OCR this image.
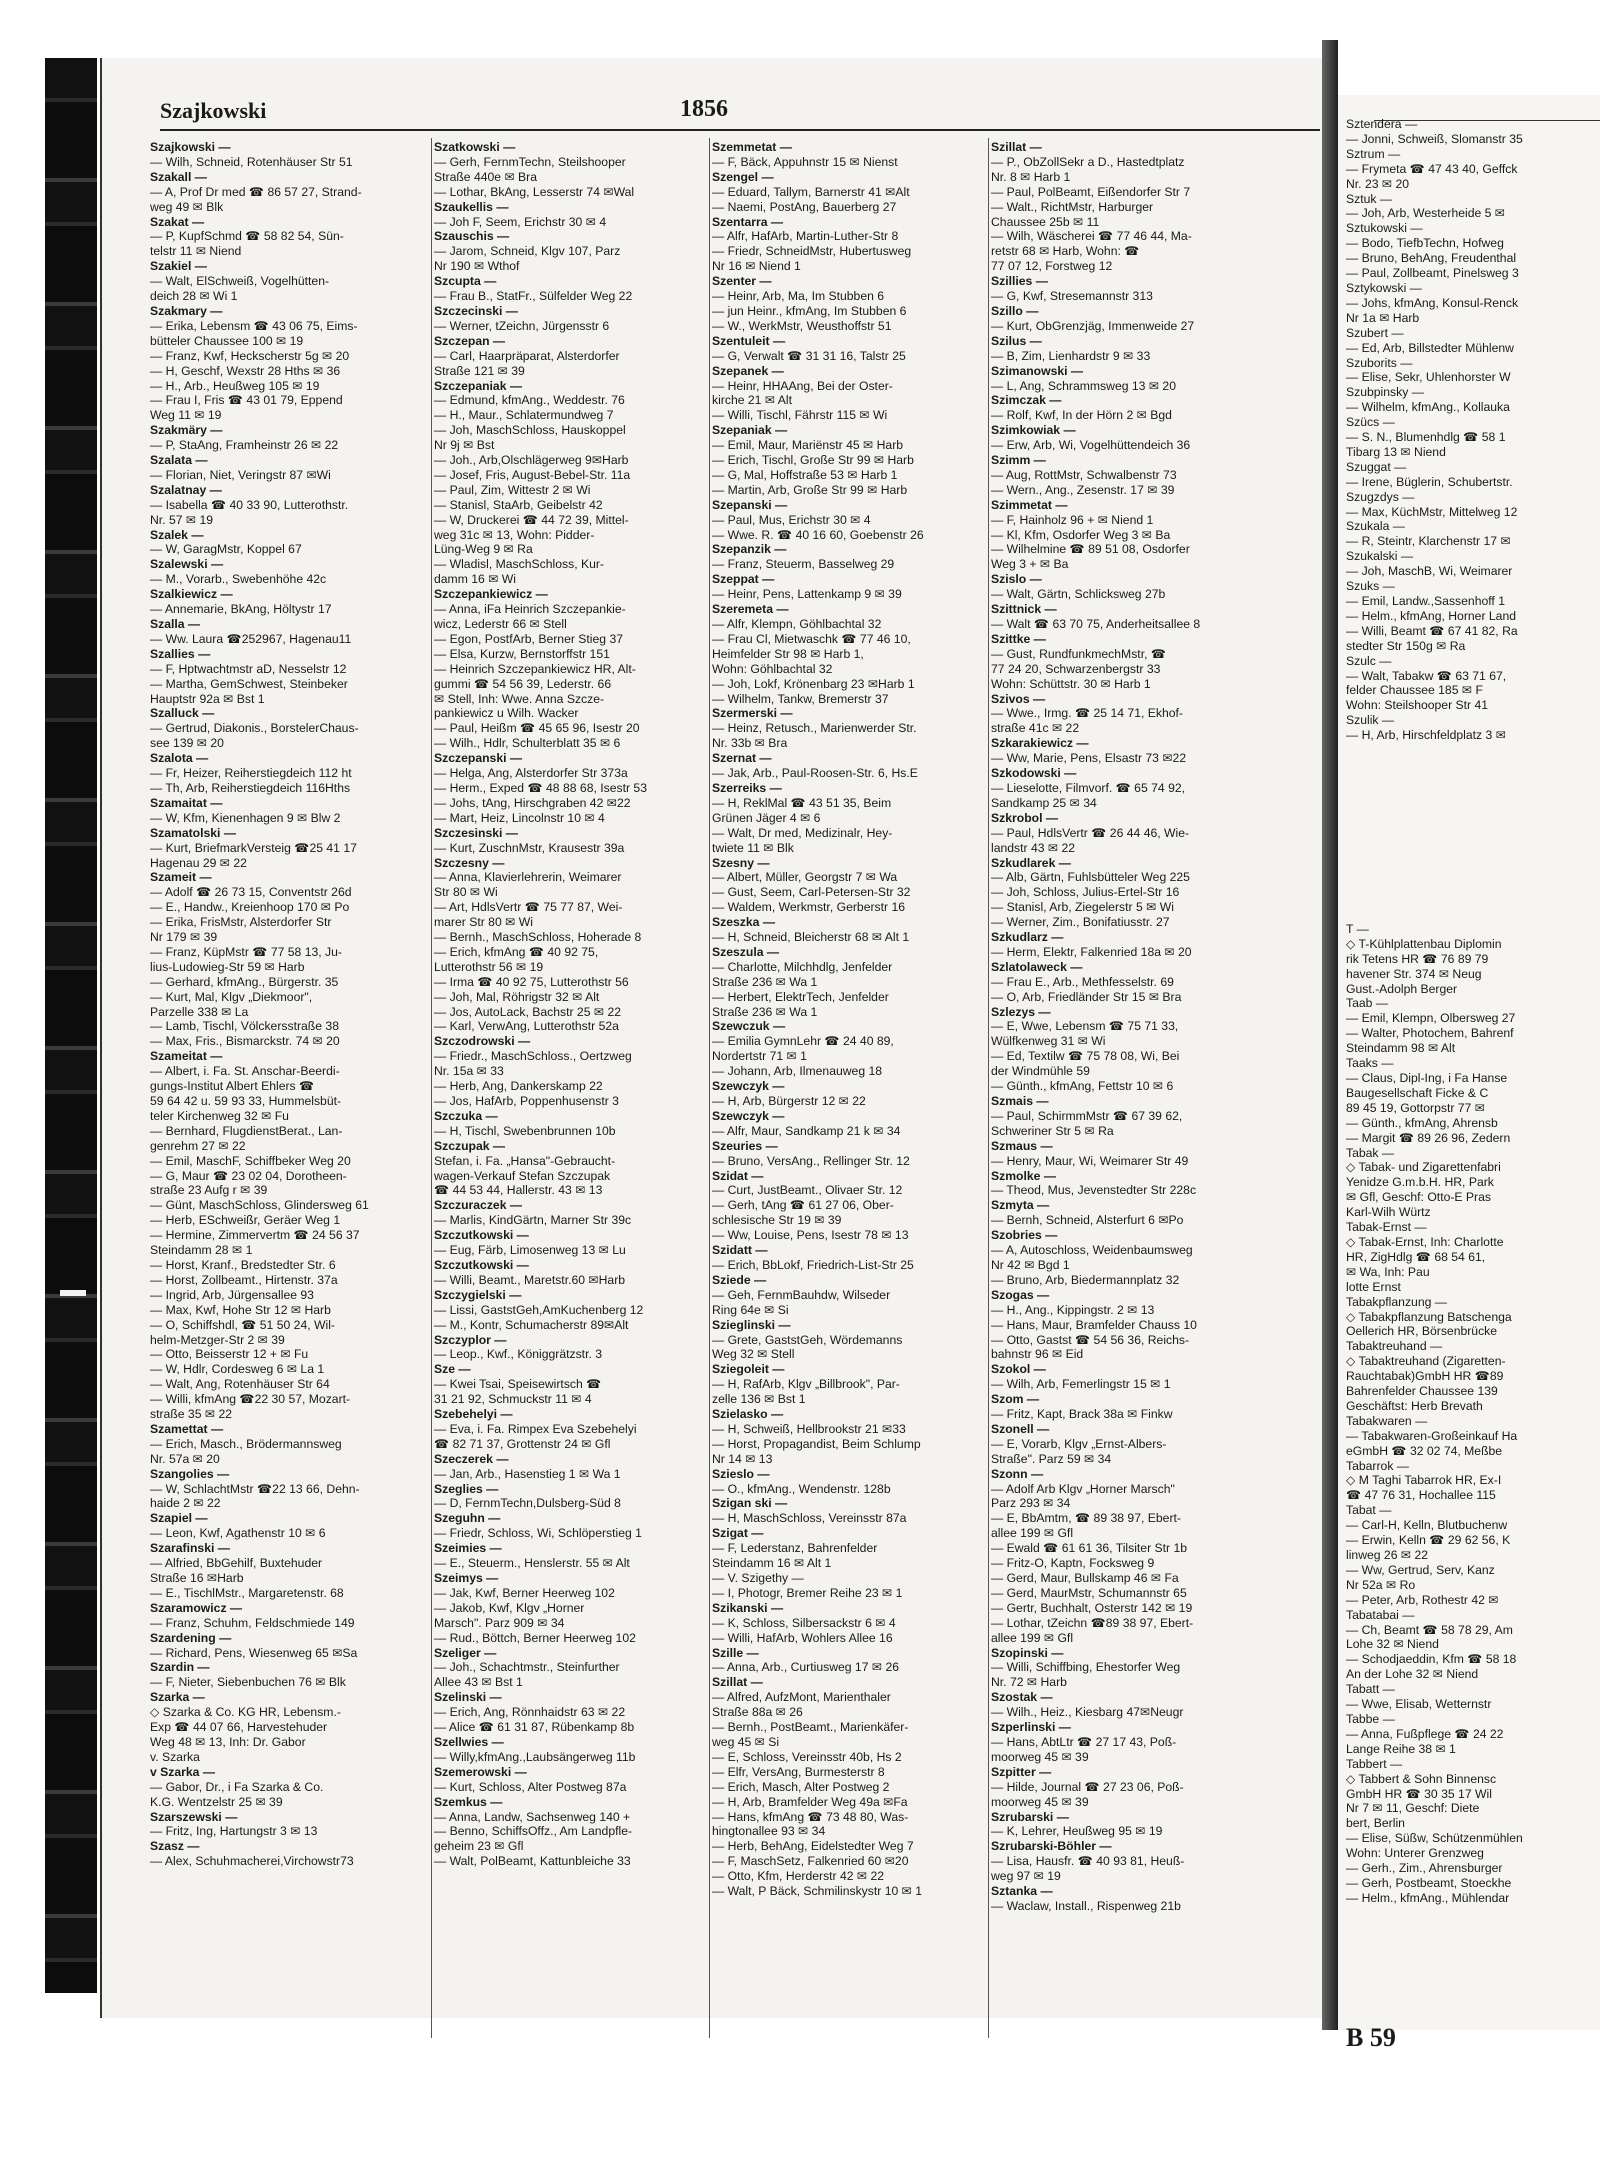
Szajkowski	1856
Szajkowski —
— Wilh, Schneid, Rotenhäuser Str 51
Szakall —
— A, Prof Dr med ☎ 86 57 27, Strand-
weg 49 ✉ Blk
Szakat —
— P, KupfSchmd ☎ 58 82 54, Sün-
telstr 11 ✉ Niend
Szakiel —
— Walt, ElSchweiß, Vogelhütten-
deich 28 ✉ Wi 1
Szakmary —
— Erika, Lebensm ☎ 43 06 75, Eims-
bütteler Chaussee 100 ✉ 19
— Franz, Kwf, Heckscherstr 5g ✉ 20
— H, Geschf, Wexstr 28 Hths ✉ 36
— H., Arb., Heußweg 105 ✉ 19
— Frau I, Fris ☎ 43 01 79, Eppend
Weg 11 ✉ 19
Szakmäry —
— P, StaAng, Framheinstr 26 ✉ 22
Szalata —
— Florian, Niet, Veringstr 87 ✉Wi
Szalatnay —
— Isabella ☎ 40 33 90, Lutterothstr.
Nr. 57 ✉ 19
Szalek —
— W, GaragMstr, Koppel 67
Szalewski —
— M., Vorarb., Swebenhöhe 42c
Szalkiewicz —
— Annemarie, BkAng, Höltystr 17
Szalla —
— Ww. Laura ☎252967, Hagenau11
Szallies —
— F, Hptwachtmstr aD, Nesselstr 12
— Martha, GemSchwest, Steinbeker
Hauptstr 92a ✉ Bst 1
Szalluck —
— Gertrud, Diakonis., BorstelerChaus-
see 139 ✉ 20
Szalota —
— Fr, Heizer, Reiherstiegdeich 112 ht
— Th, Arb, Reiherstiegdeich 116Hths
Szamaitat —
— W, Kfm, Kienenhagen 9 ✉ Blw 2
Szamatolski —
— Kurt, BriefmarkVersteig ☎25 41 17
Hagenau 29 ✉ 22
Szameit —
— Adolf ☎ 26 73 15, Conventstr 26d
— E., Handw., Kreienhoop 170 ✉ Po
— Erika, FrisMstr, Alsterdorfer Str
Nr 179 ✉ 39
— Franz, KüpMstr ☎ 77 58 13, Ju-
lius-Ludowieg-Str 59 ✉ Harb
— Gerhard, kfmAng., Bürgerstr. 35
— Kurt, Mal, Klgv „Diekmoor",
Parzelle 338 ✉ La
— Lamb, Tischl, Völckersstraße 38
— Max, Fris., Bismarckstr. 74 ✉ 20
Szameitat —
— Albert, i. Fa. St. Anschar-Beerdi-
gungs-Institut Albert Ehlers ☎
59 64 42 u. 59 93 33, Hummelsbüt-
teler Kirchenweg 32 ✉ Fu
— Bernhard, FlugdienstBerat., Lan-
genrehm 27 ✉ 22
— Emil, MaschF, Schiffbeker Weg 20
— G, Maur ☎ 23 02 04, Dorotheen-
straße 23 Aufg r ✉ 39
— Günt, MaschSchloss, Glindersweg 61
— Herb, ESchweißr, Geräer Weg 1
— Hermine, Zimmervertm ☎ 24 56 37
Steindamm 28 ✉ 1
— Horst, Kranf., Bredstedter Str. 6
— Horst, Zollbeamt., Hirtenstr. 37a
— Ingrid, Arb, Jürgensallee 93
— Max, Kwf, Hohe Str 12 ✉ Harb
— O, Schiffshdl, ☎ 51 50 24, Wil-
helm-Metzger-Str 2 ✉ 39
— Otto, Beisserstr 12 + ✉ Fu
— W, Hdlr, Cordesweg 6 ✉ La 1
— Walt, Ang, Rotenhäuser Str 64
— Willi, kfmAng ☎22 30 57, Mozart-
straße 35 ✉ 22
Szamettat —
— Erich, Masch., Brödermannsweg
Nr. 57a ✉ 20
Szangolies —
— W, SchlachtMstr ☎22 13 66, Dehn-
haide 2 ✉ 22
Szapiel —
— Leon, Kwf, Agathenstr 10 ✉ 6
Szarafinski —
— Alfried, BbGehilf, Buxtehuder
Straße 16 ✉Harb
— E., TischlMstr., Margaretenstr. 68
Szaramowicz —
— Franz, Schuhm, Feldschmiede 149
Szardening —
— Richard, Pens, Wiesenweg 65 ✉Sa
Szardin —
— F, Nieter, Siebenbuchen 76 ✉ Blk
Szarka —
◇ Szarka & Co. KG HR, Lebensm.-
Exp ☎ 44 07 66, Harvestehuder
Weg 48 ✉ 13, Inh: Dr. Gabor
v. Szarka
v Szarka —
— Gabor, Dr., i Fa Szarka & Co.
K.G. Wentzelstr 25 ✉ 39
Szarszewski —
— Fritz, Ing, Hartungstr 3 ✉ 13
Szasz —
— Alex, Schuhmacherei,Virchowstr73
Szatkowski —
— Gerh, FernmTechn, Steilshooper
Straße 440e ✉ Bra
— Lothar, BkAng, Lesserstr 74 ✉Wal
Szaukellis —
— Joh F, Seem, Erichstr 30 ✉ 4
Szauschis —
— Jarom, Schneid, Klgv 107, Parz
Nr 190 ✉ Wthof
Szcupta —
— Frau B., StatFr., Sülfelder Weg 22
Szczecinski —
— Werner, tZeichn, Jürgensstr 6
Szczepan —
— Carl, Haarpräparat, Alsterdorfer
Straße 121 ✉ 39
Szczepaniak —
— Edmund, kfmAng., Weddestr. 76
— H., Maur., Schlatermundweg 7
— Joh, MaschSchloss, Hauskoppel
Nr 9j ✉ Bst
— Joh., Arb,Olschlägerweg 9✉Harb
— Josef, Fris, August-Bebel-Str. 11a
— Paul, Zim, Wittestr 2 ✉ Wi
— Stanisl, StaArb, Geibelstr 42
— W, Druckerei ☎ 44 72 39, Mittel-
weg 31c ✉ 13, Wohn: Pidder-
Lüng-Weg 9 ✉ Ra
— Wladisl, MaschSchloss, Kur-
damm 16 ✉ Wi
Szczepankiewicz —
— Anna, iFa Heinrich Szczepankie-
wicz, Lederstr 66 ✉ Stell
— Egon, PostfArb, Berner Stieg 37
— Elsa, Kurzw, Bernstorffstr 151
— Heinrich Szczepankiewicz HR, Alt-
gummi ☎ 54 56 39, Lederstr. 66
✉ Stell, Inh: Wwe. Anna Szcze-
pankiewicz u Wilh. Wacker
— Paul, Heißm ☎ 45 65 96, Isestr 20
— Wilh., Hdlr, Schulterblatt 35 ✉ 6
Szczepanski —
— Helga, Ang, Alsterdorfer Str 373a
— Herm., Exped ☎ 48 88 68, Isestr 53
— Johs, tAng, Hirschgraben 42 ✉22
— Mart, Heiz, Lincolnstr 10 ✉ 4
Szczesinski —
— Kurt, ZuschnMstr, Krausestr 39a
Szczesny —
— Anna, Klavierlehrerin, Weimarer
Str 80 ✉ Wi
— Art, HdlsVertr ☎ 75 77 87, Wei-
marer Str 80 ✉ Wi
— Bernh., MaschSchloss, Hoherade 8
— Erich, kfmAng ☎ 40 92 75,
Lutterothstr 56 ✉ 19
— Irma ☎ 40 92 75, Lutterothstr 56
— Joh, Mal, Röhrigstr 32 ✉ Alt
— Jos, AutoLack, Bachstr 25 ✉ 22
— Karl, VerwAng, Lutterothstr 52a
Szczodrowski —
— Friedr., MaschSchloss., Oertzweg
Nr. 15a ✉ 33
— Herb, Ang, Dankerskamp 22
— Jos, HafArb, Poppenhusenstr 3
Szczuka —
— H, Tischl, Swebenbrunnen 10b
Szczupak —
Stefan, i. Fa. „Hansa"-Gebraucht-
wagen-Verkauf Stefan Szczupak
☎ 44 53 44, Hallerstr. 43 ✉ 13
Szczuraczek —
— Marlis, KindGärtn, Marner Str 39c
Szczutkowski —
— Eug, Färb, Limosenweg 13 ✉ Lu
Szczutkowski —
— Willi, Beamt., Maretstr.60 ✉Harb
Szczygielski —
— Lissi, GaststGeh,AmKuchenberg 12
— M., Kontr, Schumacherstr 89✉Alt
Szczyplor —
— Leop., Kwf., Königgrätzstr. 3
Sze —
— Kwei Tsai, Speisewirtsch ☎
31 21 92, Schmuckstr 11 ✉ 4
Szebehelyi —
— Eva, i. Fa. Rimpex Eva Szebehelyi
☎ 82 71 37, Grottenstr 24 ✉ Gfl
Szeczerek —
— Jan, Arb., Hasenstieg 1 ✉ Wa 1
Szeglies —
— D, FernmTechn,Dulsberg-Süd 8
Szeguhn —
— Friedr, Schloss, Wi, Schlöperstieg 1
Szeimies —
— E., Steuerm., Henslerstr. 55 ✉ Alt
Szeimys —
— Jak, Kwf, Berner Heerweg 102
— Jakob, Kwf, Klgv „Horner
Marsch". Parz 909 ✉ 34
— Rud., Böttch, Berner Heerweg 102
Szeliger —
— Joh., Schachtmstr., Steinfurther
Allee 43 ✉ Bst 1
Szelinski —
— Erich, Ang, Rönnhaidstr 63 ✉ 22
— Alice ☎ 61 31 87, Rübenkamp 8b
Szellwies —
— Willy,kfmAng.,Laubsängerweg 11b
Szemerowski —
— Kurt, Schloss, Alter Postweg 87a
Szemkus —
— Anna, Landw, Sachsenweg 140 +
— Benno, SchiffsOffz., Am Landpfle-
geheim 23 ✉ Gfl
— Walt, PolBeamt, Kattunbleiche 33
Szemmetat —
— F, Bäck, Appuhnstr 15 ✉ Nienst
Szengel —
— Eduard, Tallym, Barnerstr 41 ✉Alt
— Naemi, PostAng, Bauerberg 27
Szentarra —
— Alfr, HafArb, Martin-Luther-Str 8
— Friedr, SchneidMstr, Hubertusweg
Nr 16 ✉ Niend 1
Szenter —
— Heinr, Arb, Ma, Im Stubben 6
— jun Heinr., kfmAng, Im Stubben 6
— W., WerkMstr, Weusthoffstr 51
Szentuleit —
— G, Verwalt ☎ 31 31 16, Talstr 25
Szepanek —
— Heinr, HHAAng, Bei der Oster-
kirche 21 ✉ Alt
— Willi, Tischl, Fährstr 115 ✉ Wi
Szepaniak —
— Emil, Maur, Mariënstr 45 ✉ Harb
— Erich, Tischl, Große Str 99 ✉ Harb
— G, Mal, Hoffstraße 53 ✉ Harb 1
— Martin, Arb, Große Str 99 ✉ Harb
Szepanski —
— Paul, Mus, Erichstr 30 ✉ 4
— Wwe. R. ☎ 40 16 60, Goebenstr 26
Szepanzik —
— Franz, Steuerm, Basselweg 29
Szeppat —
— Heinr, Pens, Lattenkamp 9 ✉ 39
Szeremeta —
— Alfr, Klempn, Göhlbachtal 32
— Frau Cl, Mietwaschk ☎ 77 46 10,
Heimfelder Str 98 ✉ Harb 1,
Wohn: Göhlbachtal 32
— Joh, Lokf, Krönenbarg 23 ✉Harb 1
— Wilhelm, Tankw, Bremerstr 37
Szermerski —
— Heinz, Retusch., Marienwerder Str.
Nr. 33b ✉ Bra
Szernat —
— Jak, Arb., Paul-Roosen-Str. 6, Hs.E
Szerreiks —
— H, ReklMal ☎ 43 51 35, Beim
Grünen Jäger 4 ✉ 6
— Walt, Dr med, Medizinalr, Hey-
twiete 11 ✉ Blk
Szesny —
— Albert, Müller, Georgstr 7 ✉ Wa
— Gust, Seem, Carl-Petersen-Str 32
— Waldem, Werkmstr, Gerberstr 16
Szeszka —
— H, Schneid, Bleicherstr 68 ✉ Alt 1
Szeszula —
— Charlotte, Milchhdlg, Jenfelder
Straße 236 ✉ Wa 1
— Herbert, ElektrTech, Jenfelder
Straße 236 ✉ Wa 1
Szewczuk —
— Emilia GymnLehr ☎ 24 40 89,
Nordertstr 71 ✉ 1
— Johann, Arb, Ilmenauweg 18
Szewczyk —
— H, Arb, Bürgerstr 12 ✉ 22
Szewczyk —
— Alfr, Maur, Sandkamp 21 k ✉ 34
Szeuries —
— Bruno, VersAng., Rellinger Str. 12
Szidat —
— Curt, JustBeamt., Olivaer Str. 12
— Gerh, tAng ☎ 61 27 06, Ober-
schlesische Str 19 ✉ 39
— Ww, Louise, Pens, Isestr 78 ✉ 13
Szidatt —
— Erich, BbLokf, Friedrich-List-Str 25
Sziede —
— Geh, FernmBauhdw, Wilseder
Ring 64e ✉ Si
Szieglinski —
— Grete, GaststGeh, Wördemanns
Weg 32 ✉ Stell
Sziegoleit —
— H, RafArb, Klgv „Billbrook", Par-
zelle 136 ✉ Bst 1
Szielasko —
— H, Schweiß, Hellbrookstr 21 ✉33
— Horst, Propagandist, Beim Schlump
Nr 14 ✉ 13
Szieslo —
— O., kfmAng., Wendenstr. 128b
Szigan ski —
— H, MaschSchloss, Vereinsstr 87a
Szigat —
— F, Lederstanz, Bahrenfelder
Steindamm 16 ✉ Alt 1
— V. Szigethy —
— I, Photogr, Bremer Reihe 23 ✉ 1
Szikanski —
— K, Schloss, Silbersackstr 6 ✉ 4
— Willi, HafArb, Wohlers Allee 16
Szille —
— Anna, Arb., Curtiusweg 17 ✉ 26
Szillat —
— Alfred, AufzMont, Marienthaler
Straße 88a ✉ 26
— Bernh., PostBeamt., Marienkäfer-
weg 45 ✉ Si
— E, Schloss, Vereinsstr 40b, Hs 2
— Elfr, VersAng, Burmesterstr 8
— Erich, Masch, Alter Postweg 2
— H, Arb, Bramfelder Weg 49a ✉Fa
— Hans, kfmAng ☎ 73 48 80, Was-
hingtonallee 93 ✉ 34
— Herb, BehAng, Eidelstedter Weg 7
— F, MaschSetz, Falkenried 60 ✉20
— Otto, Kfm, Herderstr 42 ✉ 22
— Walt, P Bäck, Schmilinskystr 10 ✉ 1
Szillat —
— P., ObZollSekr a D., Hastedtplatz
Nr. 8 ✉ Harb 1
— Paul, PolBeamt, Eißendorfer Str 7
— Walt., RichtMstr, Harburger
Chaussee 25b ✉ 11
— Wilh, Wäscherei ☎ 77 46 44, Ma-
retstr 68 ✉ Harb, Wohn: ☎
77 07 12, Forstweg 12
Szillies —
— G, Kwf, Stresemannstr 313
Szillo —
— Kurt, ObGrenzjäg, Immenweide 27
Szilus —
— B, Zim, Lienhardstr 9 ✉ 33
Szimanowski —
— L, Ang, Schrammsweg 13 ✉ 20
Szimczak —
— Rolf, Kwf, In der Hörn 2 ✉ Bgd
Szimkowiak —
— Erw, Arb, Wi, Vogelhüttendeich 36
Szimm —
— Aug, RottMstr, Schwalbenstr 73
— Wern., Ang., Zesenstr. 17 ✉ 39
Szimmetat —
— F, Hainholz 96 + ✉ Niend 1
— Kl, Kfm, Osdorfer Weg 3 ✉ Ba
— Wilhelmine ☎ 89 51 08, Osdorfer
Weg 3 + ✉ Ba
Szislo —
— Walt, Gärtn, Schlicksweg 27b
Szittnick —
— Walt ☎ 63 70 75, Anderheitsallee 8
Szittke —
— Gust, RundfunkmechMstr, ☎
77 24 20, Schwarzenbergstr 33
Wohn: Schüttstr. 30 ✉ Harb 1
Szivos —
— Wwe., Irmg. ☎ 25 14 71, Ekhof-
straße 41c ✉ 22
Szkarakiewicz —
— Ww, Marie, Pens, Elsastr 73 ✉22
Szkodowski —
— Lieselotte, Filmvorf. ☎ 65 74 92,
Sandkamp 25 ✉ 34
Szkrobol —
— Paul, HdlsVertr ☎ 26 44 46, Wie-
landstr 43 ✉ 22
Szkudlarek —
— Alb, Gärtn, Fuhlsbütteler Weg 225
— Joh, Schloss, Julius-Ertel-Str 16
— Stanisl, Arb, Ziegelerstr 5 ✉ Wi
— Werner, Zim., Bonifatiusstr. 27
Szkudlarz —
— Herm, Elektr, Falkenried 18a ✉ 20
Szlatolaweck —
— Frau E., Arb., Methfesselstr. 69
— O, Arb, Friedländer Str 15 ✉ Bra
Szlezys —
— E, Wwe, Lebensm ☎ 75 71 33,
Wülfkenweg 31 ✉ Wi
— Ed, Textilw ☎ 75 78 08, Wi, Bei
der Windmühle 59
— Günth., kfmAng, Fettstr 10 ✉ 6
Szmais —
— Paul, SchirmmMstr ☎ 67 39 62,
Schweriner Str 5 ✉ Ra
Szmaus —
— Henry, Maur, Wi, Weimarer Str 49
Szmolke —
— Theod, Mus, Jevenstedter Str 228c
Szmyta —
— Bernh, Schneid, Alsterfurt 6 ✉Po
Szobries —
— A, Autoschloss, Weidenbaumsweg
Nr 42 ✉ Bgd 1
— Bruno, Arb, Biedermannplatz 32
Szogas —
— H., Ang., Kippingstr. 2 ✉ 13
— Hans, Maur, Bramfelder Chauss 10
— Otto, Gastst ☎ 54 56 36, Reichs-
bahnstr 96 ✉ Eid
Szokol —
— Wilh, Arb, Femerlingstr 15 ✉ 1
Szom —
— Fritz, Kapt, Brack 38a ✉ Finkw
Szonell —
— E, Vorarb, Klgv „Ernst-Albers-
Straße". Parz 59 ✉ 34
Szonn —
— Adolf Arb Klgv „Horner Marsch"
Parz 293 ✉ 34
— E, BbAmtm, ☎ 89 38 97, Ebert-
allee 199 ✉ Gfl
— Ewald ☎ 61 61 36, Tilsiter Str 1b
— Fritz-O, Kaptn, Focksweg 9
— Gerd, Maur, Bullskamp 46 ✉ Fa
— Gerd, MaurMstr, Schumannstr 65
— Gertr, Buchhalt, Osterstr 142 ✉ 19
— Lothar, tZeichn ☎89 38 97, Ebert-
allee 199 ✉ Gfl
Szopinski —
— Willi, Schiffbing, Ehestorfer Weg
Nr. 72 ✉ Harb
Szostak —
— Wilh., Heiz., Kiesbarg 47✉Neugr
Szperlinski —
— Hans, AbtLtr ☎ 27 17 43, Poß-
moorweg 45 ✉ 39
Szpitter —
— Hilde, Journal ☎ 27 23 06, Poß-
moorweg 45 ✉ 39
Szrubarski —
— K, Lehrer, Heußweg 95 ✉ 19
Szrubarski-Böhler —
— Lisa, Hausfr. ☎ 40 93 81, Heuß-
weg 97 ✉ 19
Sztanka —
— Waclaw, Install., Rispenweg 21b
Sztendera —
— Jonni, Schweiß, Slomanstr 35
Sztrum —
— Frymeta ☎ 47 43 40, Geffck
Nr. 23 ✉ 20
Sztuk —
— Joh, Arb, Westerheide 5 ✉
Sztukowski —
— Bodo, TiefbTechn, Hofweg
— Bruno, BehAng, Freudenthal
— Paul, Zollbeamt, Pinelsweg 3
Sztykowski —
— Johs, kfmAng, Konsul-Renck
Nr 1a ✉ Harb
Szubert —
— Ed, Arb, Billstedter Mühlenw
Szuborits —
— Elise, Sekr, Uhlenhorster W
Szubpinsky —
— Wilhelm, kfmAng., Kollauka
Szücs —
— S. N., Blumenhdlg ☎ 58 1
Tibarg 13 ✉ Niend
Szuggat —
— Irene, Büglerin, Schubertstr.
Szugzdys —
— Max, KüchMstr, Mittelweg 12
Szukala —
— R, Steintr, Klarchenstr 17 ✉
Szukalski —
— Joh, MaschB, Wi, Weimarer
Szuks —
— Emil, Landw.,Sassenhoff 1
— Helm., kfmAng, Horner Land
— Willi, Beamt ☎ 67 41 82, Ra
stedter Str 150g ✉ Ra
Szulc —
— Walt, Tabakw ☎ 63 71 67,
felder Chaussee 185 ✉ F
Wohn: Steilshooper Str 41
Szulik —
— H, Arb, Hirschfeldplatz 3 ✉

T —
◇ T-Kühlplattenbau Diplomin
rik Tetens HR ☎ 76 89 79
havener Str. 374 ✉ Neug
Gust.-Adolph Berger
Taab —
— Emil, Klempn, Olbersweg 27
— Walter, Photochem, Bahrenf
Steindamm 98 ✉ Alt
Taaks —
— Claus, Dipl-Ing, i Fa Hanse
Baugesellschaft Ficke & C
89 45 19, Gottorpstr 77 ✉
— Günth., kfmAng, Ahrensb
— Margit ☎ 89 26 96, Zedern
Tabak —
◇ Tabak- und Zigarettenfabri
Yenidze G.m.b.H. HR, Park
✉ Gfl, Geschf: Otto-E Pras
Karl-Wilh Würtz
Tabak-Ernst —
◇ Tabak-Ernst, Inh: Charlotte
HR, ZigHdlg ☎ 68 54 61,
✉ Wa, Inh: Pau
lotte Ernst
Tabakpflanzung —
◇ Tabakpflanzung Batschenga
Oellerich HR, Börsenbrücke
Tabaktreuhand —
◇ Tabaktreuhand (Zigaretten-
Rauchtabak)GmbH HR ☎89
Bahrenfelder Chaussee 139
Geschäftst: Herb Brevath
Tabakwaren —
— Tabakwaren-Großeinkauf Ha
eGmbH ☎ 32 02 74, Meßbe
Tabarrok —
◇ M Taghi Tabarrok HR, Ex-I
☎ 47 76 31, Hochallee 115
Tabat —
— Carl-H, Kelln, Blutbuchenw
— Erwin, Kelln ☎ 29 62 56, K
linweg 26 ✉ 22
— Ww, Gertrud, Serv, Kanz
Nr 52a ✉ Ro
— Peter, Arb, Rothestr 42 ✉
Tabatabai —
— Ch, Beamt ☎ 58 78 29, Am
Lohe 32 ✉ Niend
— Schodjaeddin, Kfm ☎ 58 18
An der Lohe 32 ✉ Niend
Tabatt —
— Wwe, Elisab, Wetternstr
Tabbe —
— Anna, Fußpflege ☎ 24 22
Lange Reihe 38 ✉ 1
Tabbert —
◇ Tabbert & Sohn Binnensc
GmbH HR ☎ 30 35 17 Wil
Nr 7 ✉ 11, Geschf: Diete
bert, Berlin
— Elise, Süßw, Schützenmühlen
Wohn: Unterer Grenzweg
— Gerh., Zim., Ahrensburger
— Gerh, Postbeamt, Stoeckhe
— Helm., kfmAng., Mühlendar
B 59
